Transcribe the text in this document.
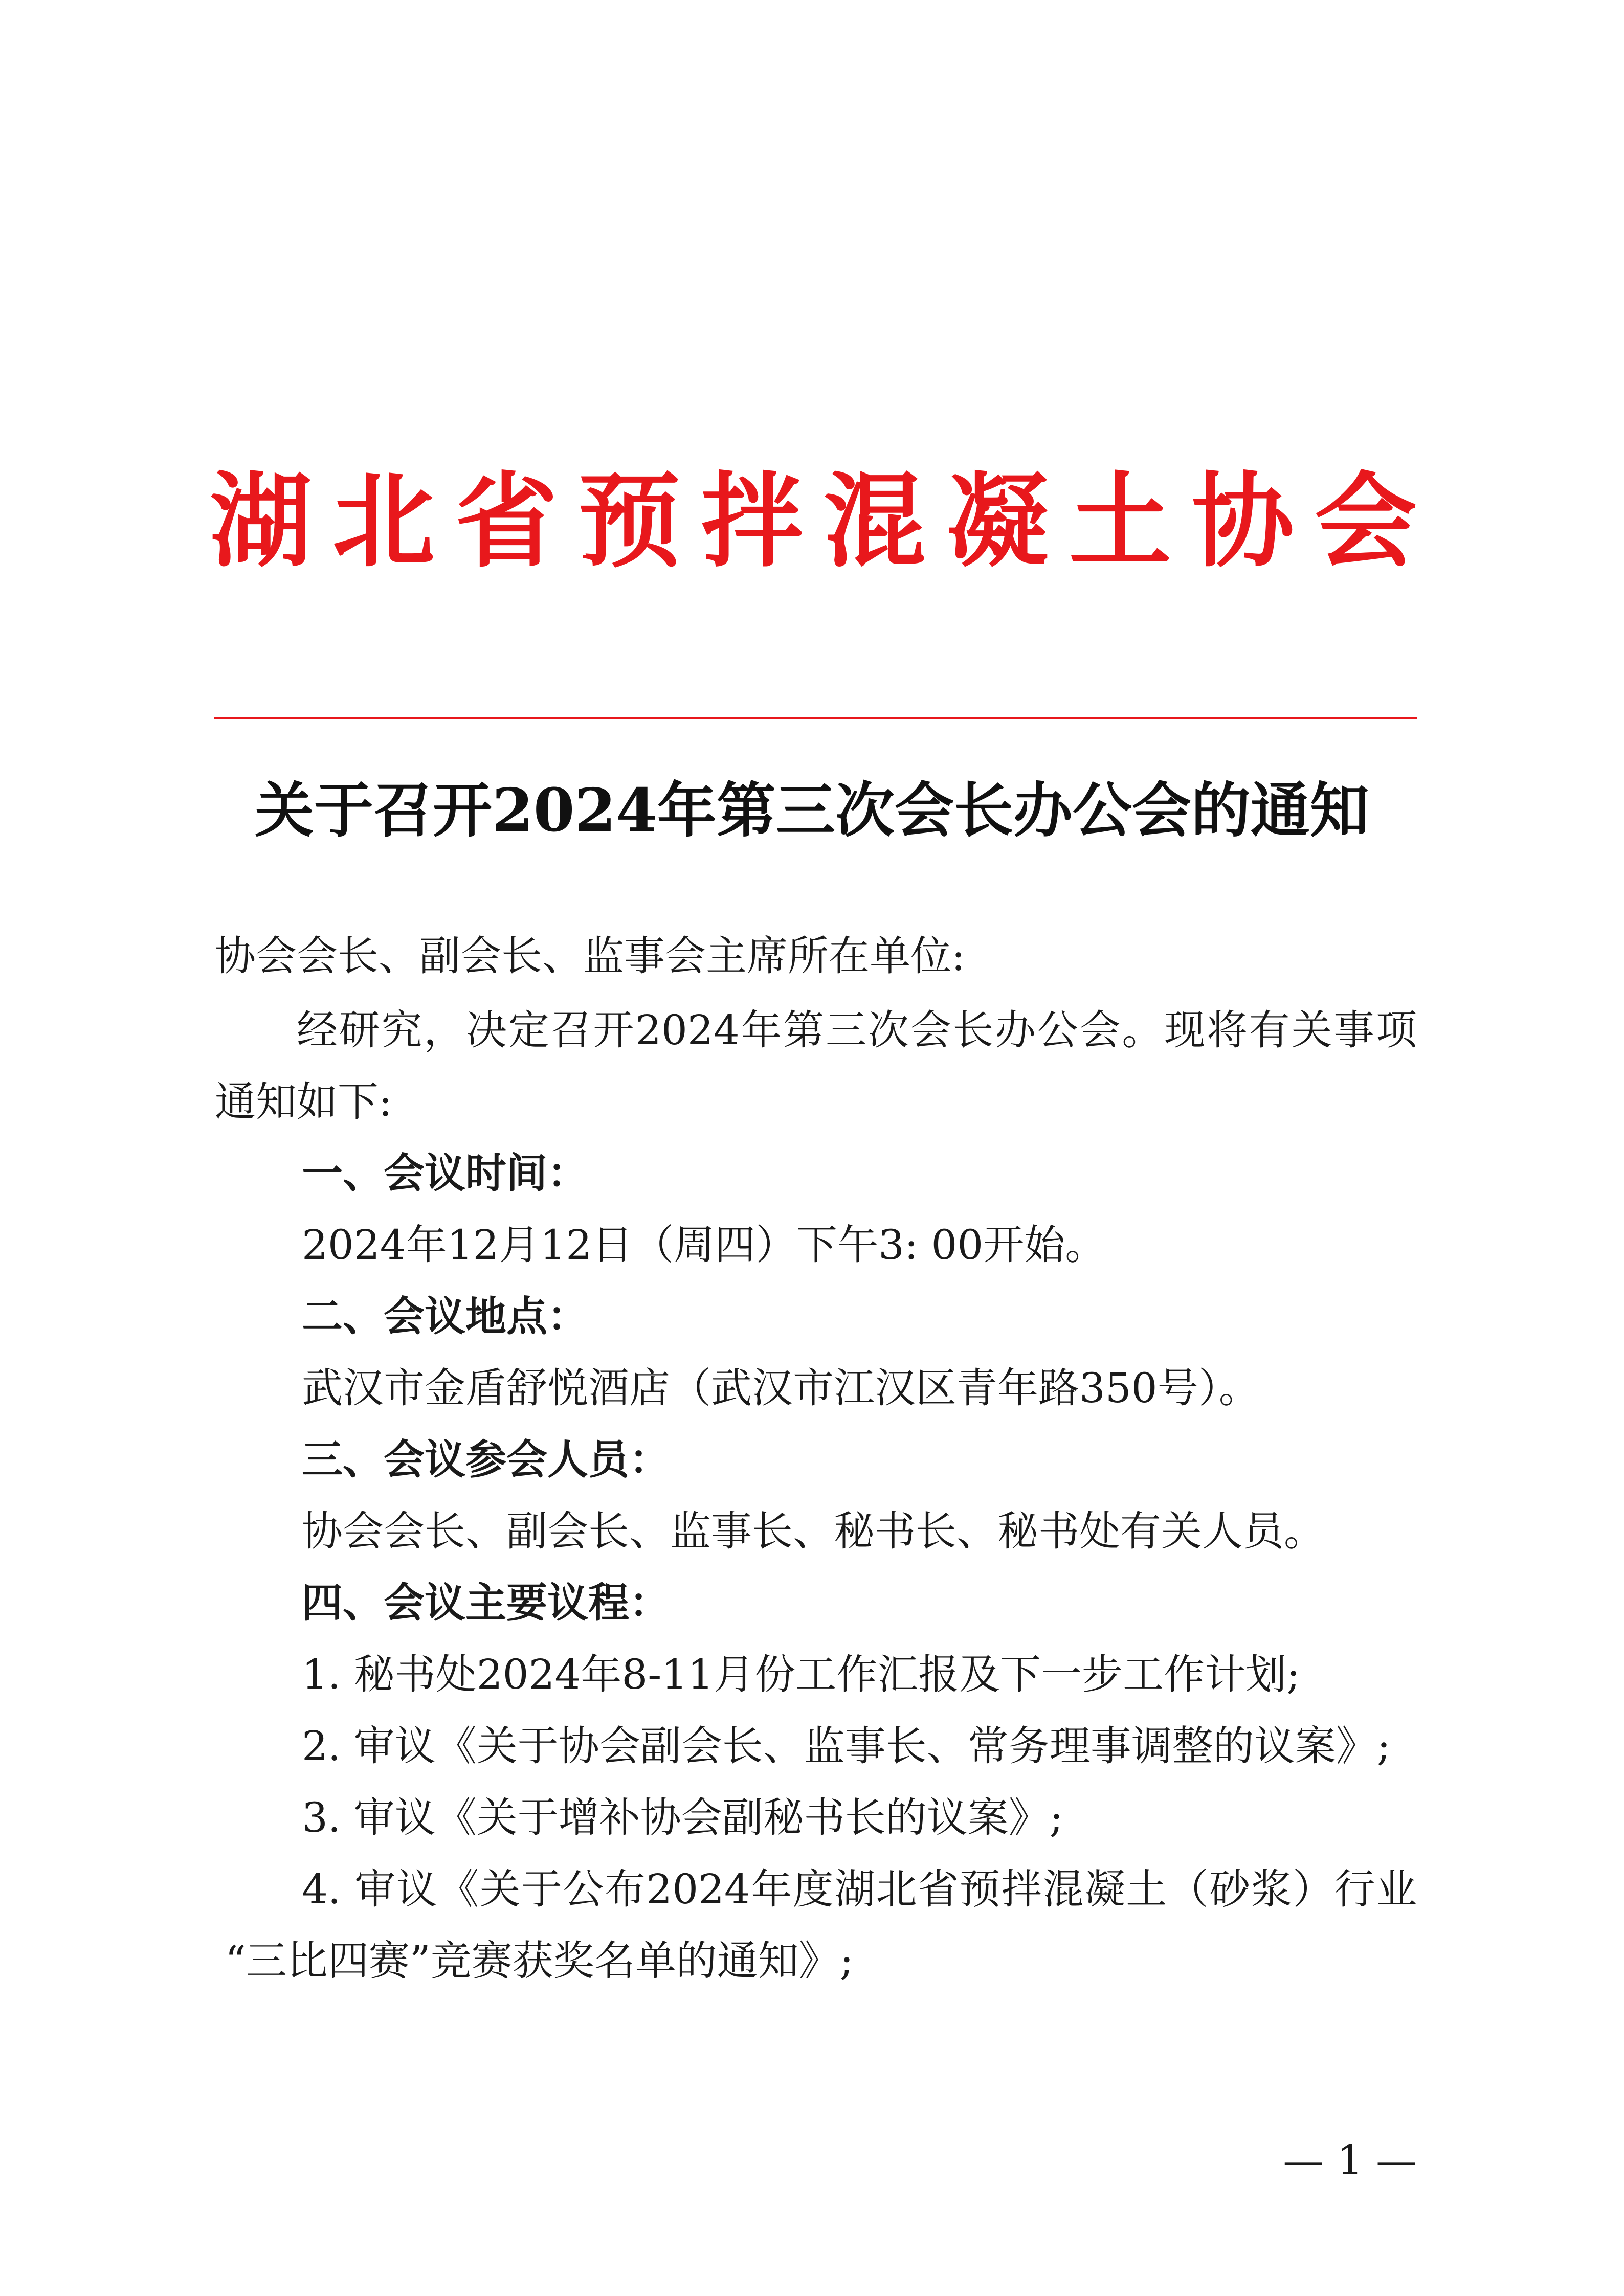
湖北省预拌混凝土协会
关于召开2024年第三次会长办公会的通知
协会会长、副会长、监事会主席所在单位:
经研究，决定召开2024年第三次会长办公会。现将有关事项
通知如下:
一、会议时间：
2024年12月12日（周四）下午3: 00开始。
二、会议地点：
武汉市金盾舒悦酒店（武汉市江汉区青年路350号）。
三、会议参会人员：
协会会长、副会长、监事长、秘书长、秘书处有关人员。
四、会议主要议程：
1. 秘书处2024年8-11月份工作汇报及下一步工作计划;
2. 审议《关于协会副会长、监事长、常务理事调整的议案》;
3. 审议《关于增补协会副秘书长的议案》;
4. 审议《关于公布2024年度湖北省预拌混凝土（砂浆）行业
“三比四赛”竞赛获奖名单的通知》;
— 1 —
